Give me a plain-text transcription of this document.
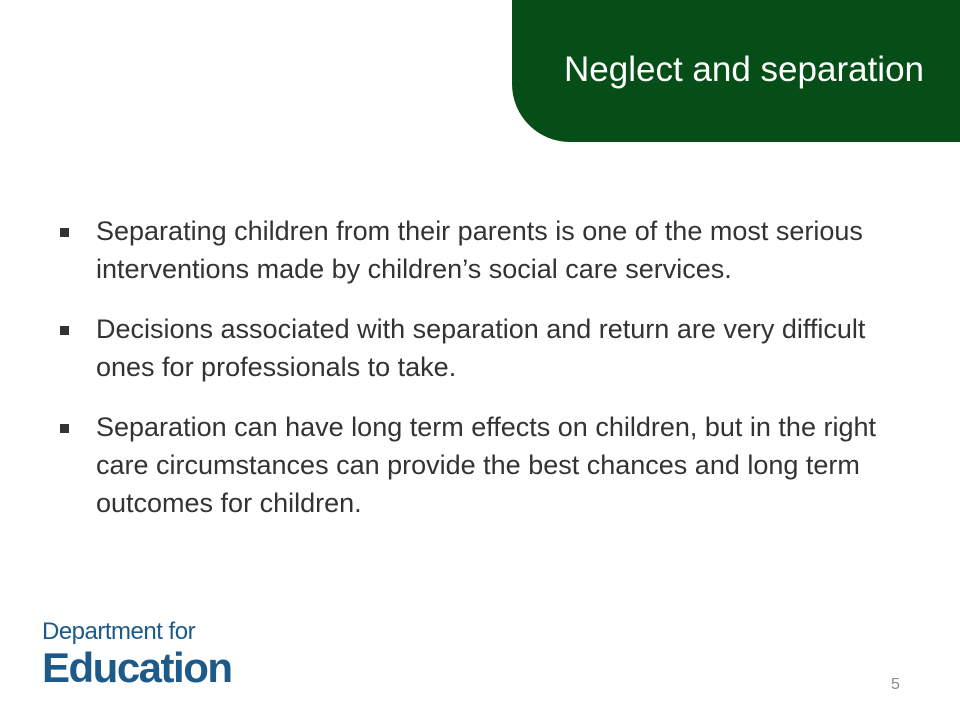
Neglect and separation
Separating children from their parents is one of the most serious interventions made by children’s social care services.
Decisions associated with separation and return are very difficult ones for professionals to take.
Separation can have long term effects on children, but in the right care circumstances can provide the best chances and long term outcomes for children.
Department for
Education	5
